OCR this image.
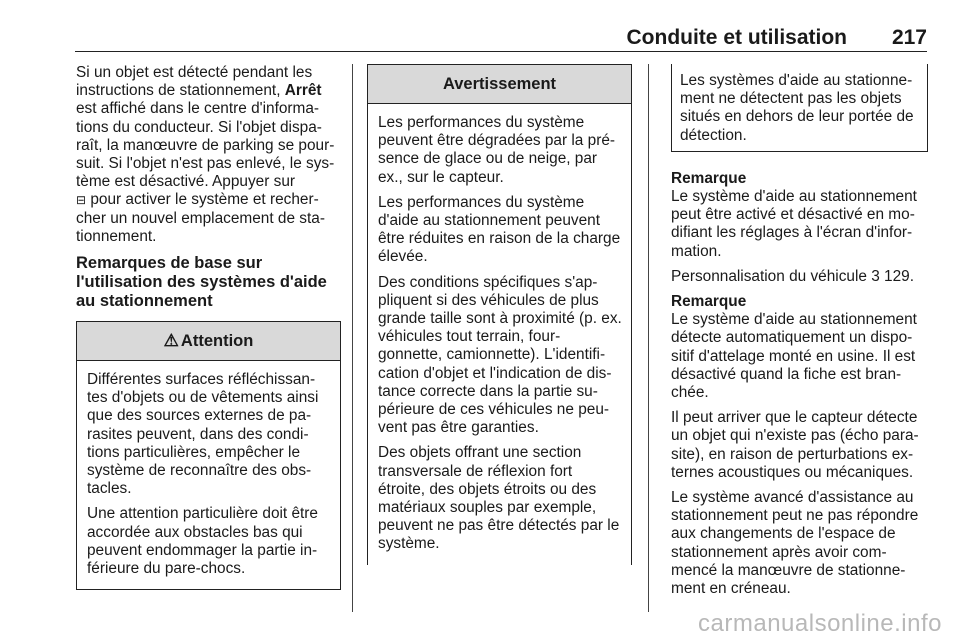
Conduite et utilisation 217

Si un objet est détecté pendant les instructions de stationnement, Arrêt est affiché dans le centre d'informa-tions du conducteur. Si l'objet dispa-raît, la manœuvre de parking se pour-suit. Si l'objet n'est pas enlevé, le sys-tème est désactivé. Appuyer sur
⊟ pour activer le système et recher-cher un nouvel emplacement de sta-tionnement.

Remarques de base sur l'utilisation des systèmes d'aide au stationnement
⚠ Attention

Différentes surfaces réfléchissan-tes d'objets ou de vêtements ainsi que des sources externes de pa-rasites peuvent, dans des condi-tions particulières, empêcher le système de reconnaître des obs-tacles.

Une attention particulière doit être accordée aux obstacles bas qui peuvent endommager la partie in-férieure du pare-chocs.

Avertissement

Les performances du système peuvent être dégradées par la pré-sence de glace ou de neige, par ex., sur le capteur.

Les performances du système d'aide au stationnement peuvent être réduites en raison de la charge élevée.

Des conditions spécifiques s'ap-pliquent si des véhicules de plus grande taille sont à proximité (p. ex. véhicules tout terrain, four-gonnette, camionnette). L'identifi-cation d'objet et l'indication de dis-tance correcte dans la partie su-périeure de ces véhicules ne peu-vent pas être garanties.

Des objets offrant une section transversale de réflexion fort étroite, des objets étroits ou des matériaux souples par exemple, peuvent ne pas être détectés par le système.

Les systèmes d'aide au stationne-ment ne détectent pas les objets situés en dehors de leur portée de détection.

Remarque
Le système d'aide au stationnement peut être activé et désactivé en mo-difiant les réglages à l'écran d'infor-mation.

Personnalisation du véhicule 3 129.

Remarque
Le système d'aide au stationnement détecte automatiquement un dispo-sitif d'attelage monté en usine. Il est désactivé quand la fiche est bran-chée.

Il peut arriver que le capteur détecte un objet qui n'existe pas (écho para-site), en raison de perturbations ex-ternes acoustiques ou mécaniques.

Le système avancé d'assistance au stationnement peut ne pas répondre aux changements de l'espace de stationnement après avoir com-mencé la manœuvre de stationne-ment en créneau.

carmanualsonline.info
